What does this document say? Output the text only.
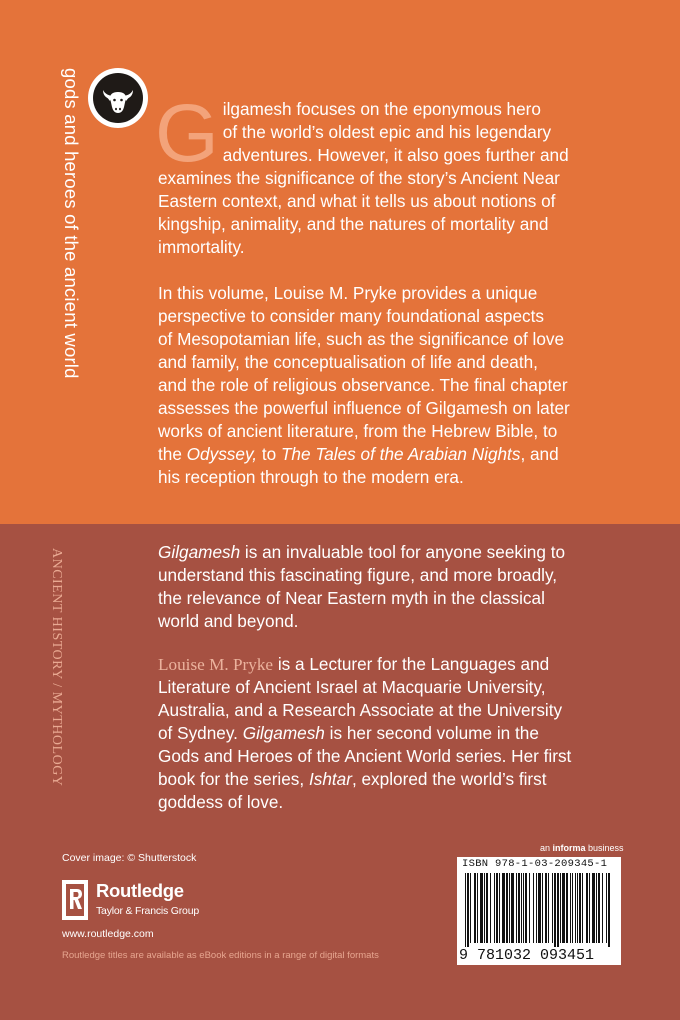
gods and heroes of the ancient world
ANCIENT HISTORY / MYTHOLOGY
G ilgamesh focuses on the eponymous hero
of the world’s oldest epic and his legendary
adventures. However, it also goes further and
examines the significance of the story’s Ancient Near
Eastern context, and what it tells us about notions of
kingship, animality, and the natures of mortality and
immortality.
In this volume, Louise M. Pryke provides a unique
perspective to consider many foundational aspects
of Mesopotamian life, such as the significance of love
and family, the conceptualisation of life and death,
and the role of religious observance. The final chapter
assesses the powerful influence of Gilgamesh on later
works of ancient literature, from the Hebrew Bible, to
the Odyssey, to The Tales of the Arabian Nights, and
his reception through to the modern era.
Gilgamesh is an invaluable tool for anyone seeking to
understand this fascinating figure, and more broadly,
the relevance of Near Eastern myth in the classical
world and beyond.
Louise M. Pryke is a Lecturer for the Languages and
Literature of Ancient Israel at Macquarie University,
Australia, and a Research Associate at the University
of Sydney. Gilgamesh is her second volume in the
Gods and Heroes of the Ancient World series. Her first
book for the series, Ishtar, explored the world’s first
goddess of love.
Cover image: © Shutterstock
Routledge
Taylor & Francis Group
www.routledge.com
Routledge titles are available as eBook editions in a range of digital formats
an informa business
ISBN 978-1-03-209345-1
9 781032 093451
